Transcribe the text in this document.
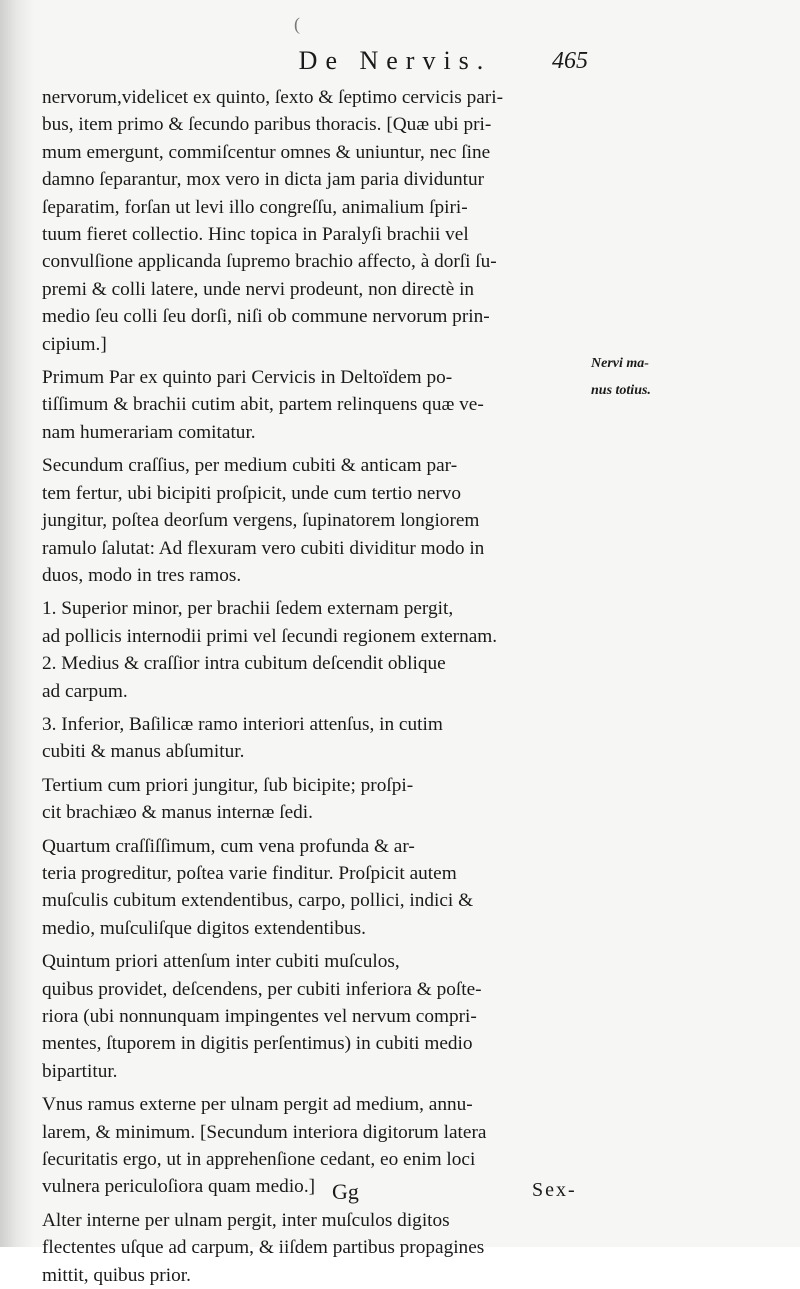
(
De Nervis.	465
nervorum,videlicet ex quinto, ſexto & ſeptimo cervicis pari-
bus, item primo & ſecundo paribus thoracis. [Quæ ubi pri-
mum emergunt, commiſcentur omnes & uniuntur, nec ſine
damno ſeparantur, mox vero in dicta jam paria dividuntur
ſeparatim, forſan ut levi illo congreſſu, animalium ſpiri-
tuum fieret collectio. Hinc topica in Paralyſi brachii vel
convulſione applicanda ſupremo brachio affecto, à dorſi ſu-
premi & colli latere, unde nervi prodeunt, non directè in
medio ſeu colli ſeu dorſi, niſi ob commune nervorum prin-
cipium.]
Primum Par ex quinto pari Cervicis in Deltoïdem po-
tiſſimum & brachii cutim abit, partem relinquens quæ ve-
nam humerariam comitatur.
Secundum craſſius, per medium cubiti & anticam par-
tem fertur, ubi bicipiti proſpicit, unde cum tertio nervo
jungitur, poſtea deorſum vergens, ſupinatorem longiorem
ramulo ſalutat: Ad flexuram vero cubiti dividitur modo in
duos, modo in tres ramos.
1. Superior minor, per brachii ſedem externam pergit,
ad pollicis internodii primi vel ſecundi regionem externam.
2. Medius & craſſior intra cubitum deſcendit oblique
ad carpum.
3. Inferior, Baſilicæ ramo interiori attenſus, in cutim
cubiti & manus abſumitur.
Tertium cum priori jungitur, ſub bicipite; proſpi-
cit brachiæo & manus internæ ſedi.
Quartum craſſiſſimum, cum vena profunda & ar-
teria progreditur, poſtea varie finditur. Proſpicit autem
muſculis cubitum extendentibus, carpo, pollici, indici &
medio, muſculiſque digitos extendentibus.
Quintum priori attenſum inter cubiti muſculos,
quibus providet, deſcendens, per cubiti inferiora & poſte-
riora (ubi nonnunquam impingentes vel nervum compri-
mentes, ſtuporem in digitis perſentimus) in cubiti medio
bipartitur.
Vnus ramus externe per ulnam pergit ad medium, annu-
larem, & minimum. [Secundum interiora digitorum latera
ſecuritatis ergo, ut in apprehenſione cedant, eo enim loci
vulnera periculoſiora quam medio.]
Alter interne per ulnam pergit, inter muſculos digitos
flectentes uſque ad carpum, & iiſdem partibus propagines
mittit, quibus prior.
Nervi ma-
nus totius.
Gg	Sex-
